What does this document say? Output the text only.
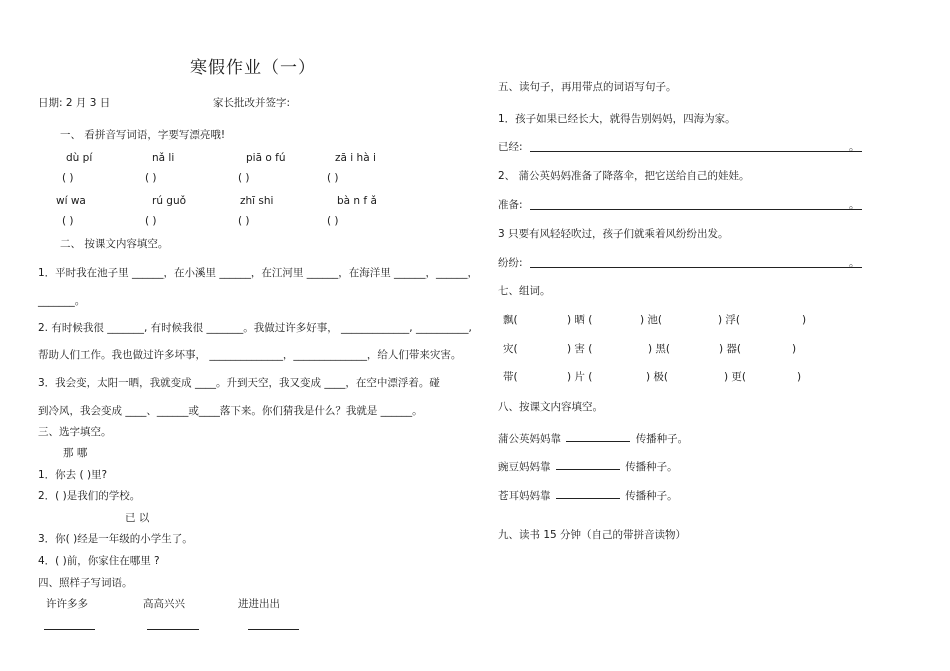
寒假作业（一）
日期: 2 月 3 日	家长批改并签字:
一、 看拼音写词语，字要写漂亮哦!
dù pí	nǎ li	piā o fú	zā i hà i
( )	( )	( )	( )
wí wa	rú guǒ	zhī shi	bà n f ǎ
( )	( )	( )	( )
二、 按课文内容填空。
1．平时我在池子里 ______，在小溪里 ______，在江河里 ______，在海洋里 ______，______，
_______。
2. 有时候我很 _______, 有时候我很 _______。我做过许多好事， _____________, __________,
帮助人们工作。我也做过许多坏事， ______________，______________，给人们带来灾害。
3．我会变，太阳一晒，我就变成 ____。升到天空，我又变成 ____，在空中漂浮着。碰
到冷风，我会变成 ____、______或____落下来。你们猜我是什么？我就是 ______。
三、选字填空。
那 哪
1．你去 ( )里?
2．( )是我们的学校。
已 以
3．你( )经是一年级的小学生了。
4．( )前，你家住在哪里 ?
四、照样子写词语。
许许多多	高高兴兴	进进出出
五、读句子，再用带点的词语写句子。
1．孩子如果已经长大，就得告别妈妈，四海为家。
已经:	。
2、 蒲公英妈妈准备了降落伞，把它送给自己的娃娃。
准备:	。
3 只要有风轻轻吹过，孩子们就乘着风纷纷出发。
纷纷:	。
七、组词。
飘(	) 晒 (	) 池(	) 浮(	)
灾(	) 害 (	) 黑(	) 器(	)
带(	) 片 (	) 极(	) 更(	)
八、按课文内容填空。
蒲公英妈妈靠	传播种子。
豌豆妈妈靠	传播种子。
苍耳妈妈靠	传播种子。
九、读书 15 分钟（自己的带拼音读物）
